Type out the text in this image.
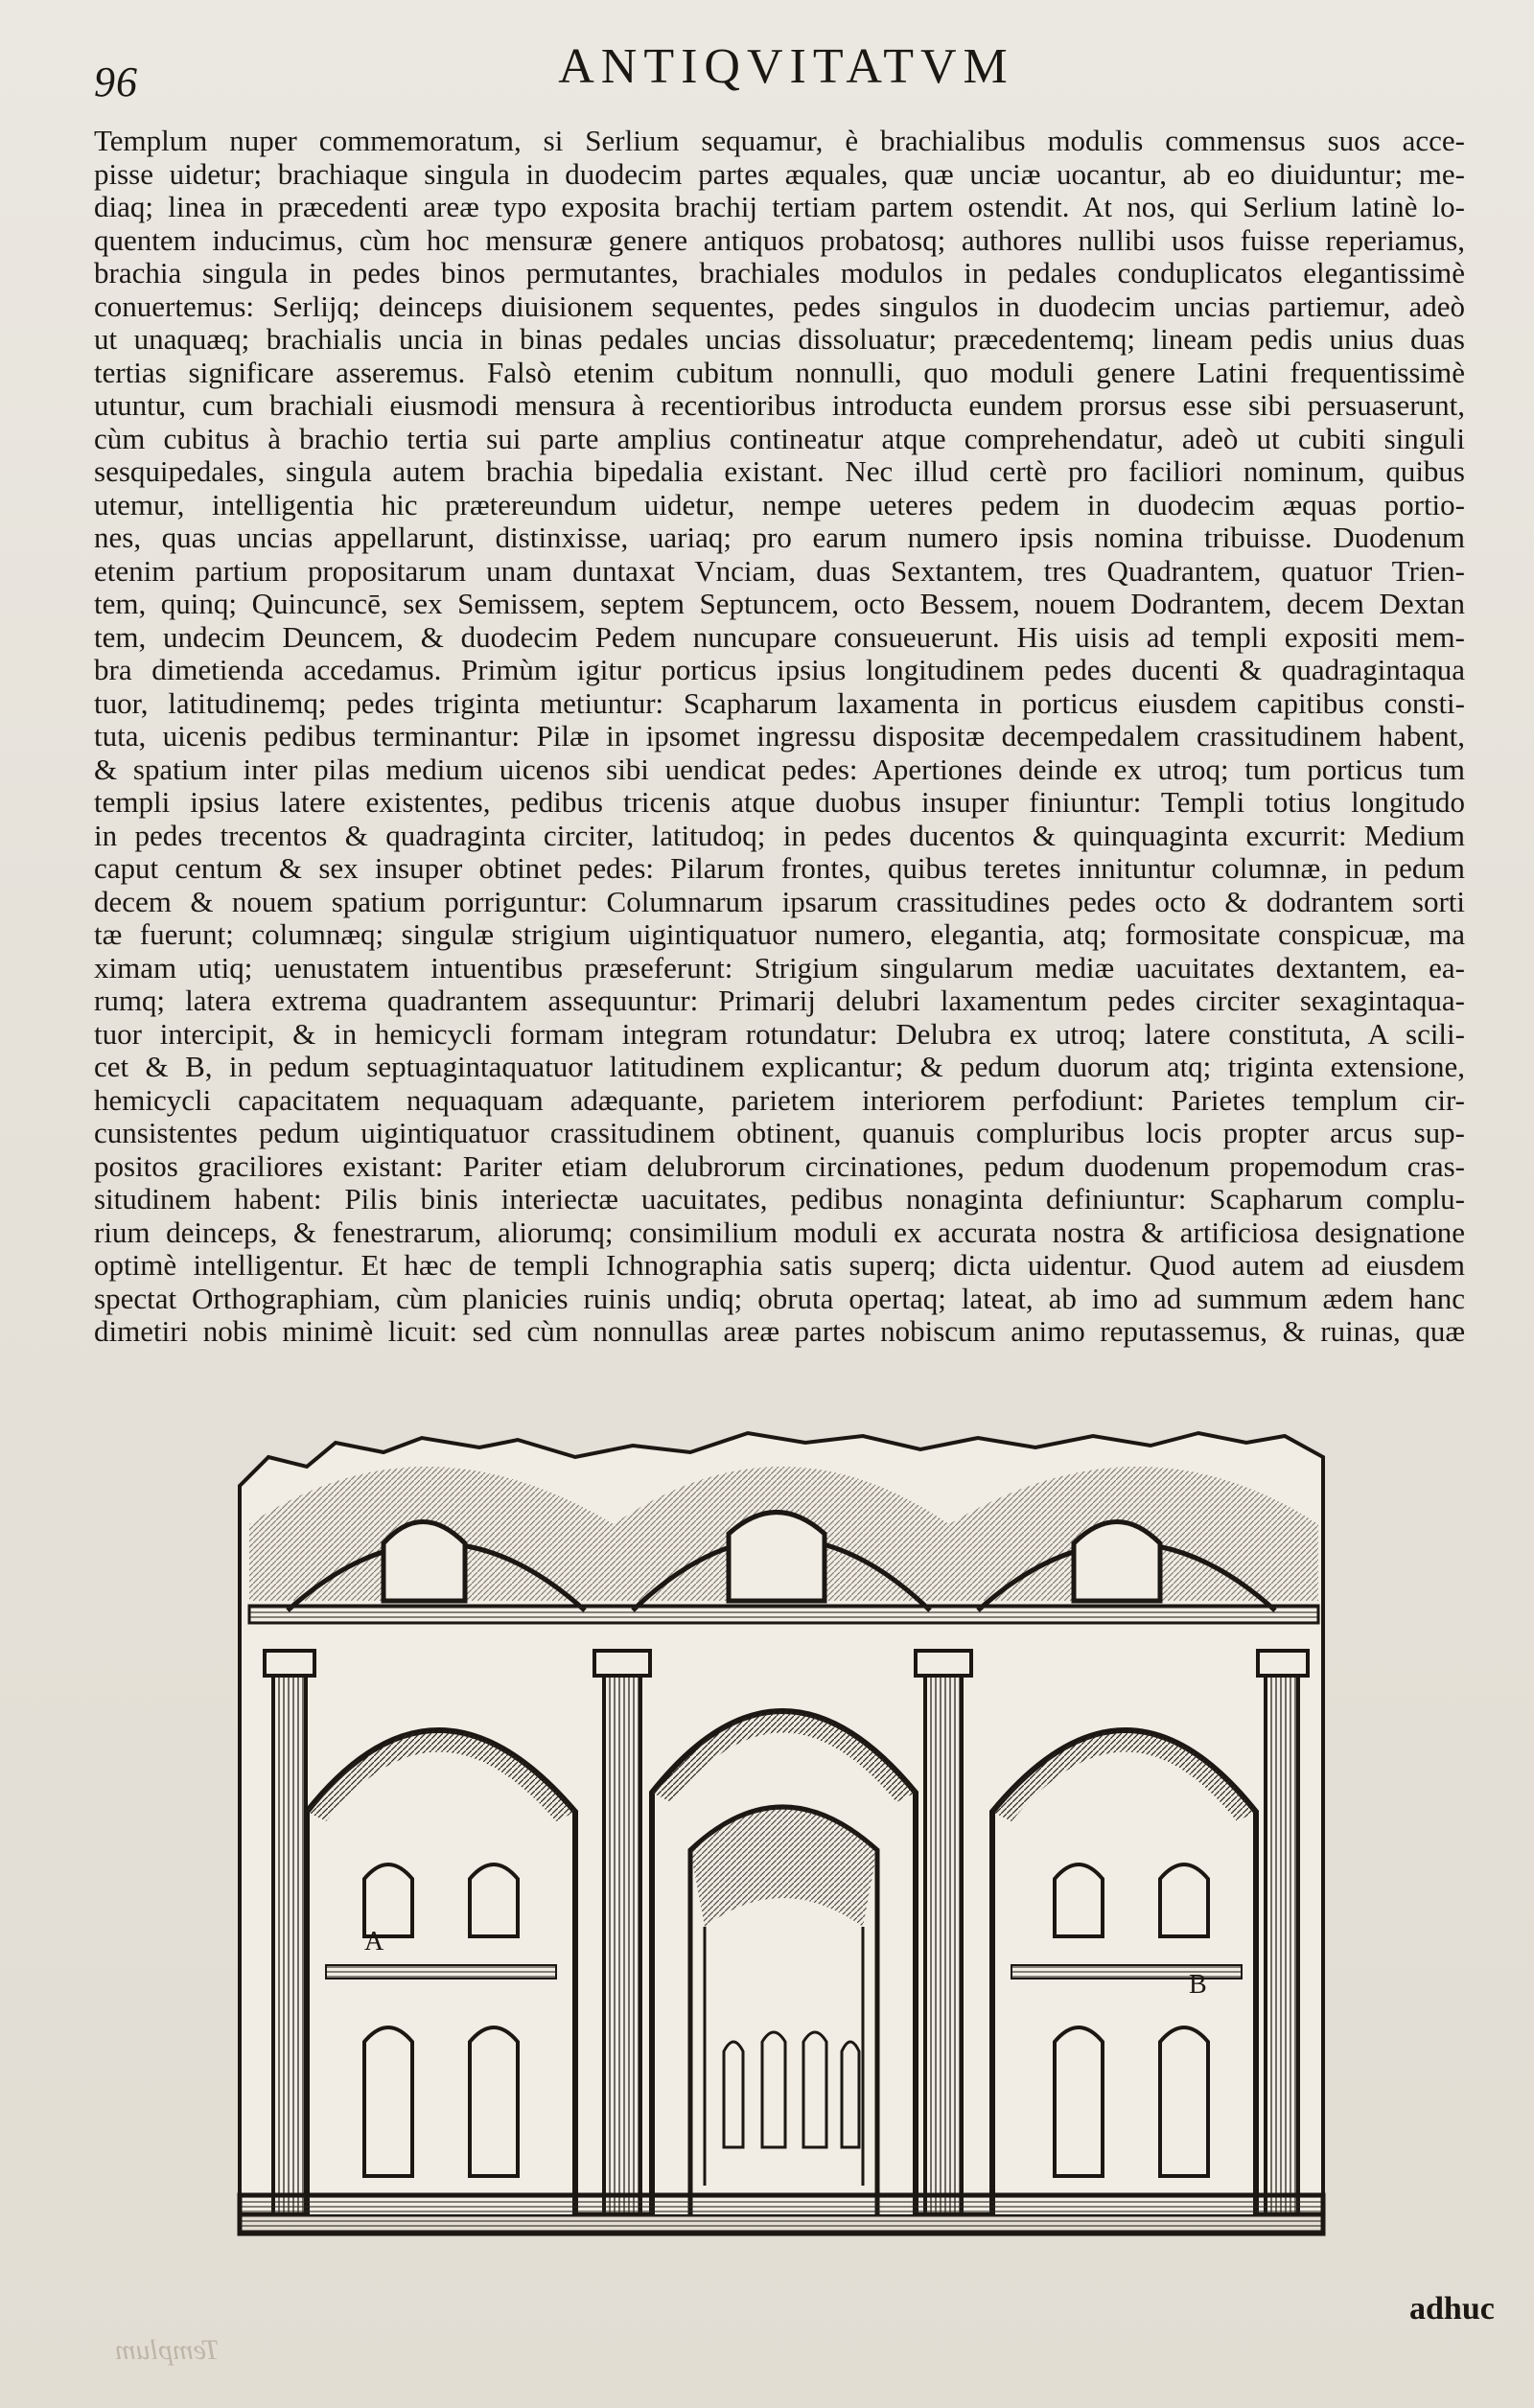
96	ANTIQVITATVM
Templum nuper commemoratum, si Serlium sequamur, è brachialibus modulis commensus suos acce-
pisse uidetur; brachiaque singula in duodecim partes æquales, quæ unciæ uocantur, ab eo diuiduntur; me-
diaq; linea in præcedenti areæ typo exposita brachij tertiam partem ostendit. At nos, qui Serlium latinè lo-
quentem inducimus, cùm hoc mensuræ genere antiquos probatosq; authores nullibi usos fuisse reperiamus,
brachia singula in pedes binos permutantes, brachiales modulos in pedales conduplicatos elegantissimè
conuertemus: Serlijq; deinceps diuisionem sequentes, pedes singulos in duodecim uncias partiemur, adeò
ut unaquæq; brachialis uncia in binas pedales uncias dissoluatur; præcedentemq; lineam pedis unius duas
tertias significare asseremus. Falsò etenim cubitum nonnulli, quo moduli genere Latini frequentissimè
utuntur, cum brachiali eiusmodi mensura à recentioribus introducta eundem prorsus esse sibi persuaserunt,
cùm cubitus à brachio tertia sui parte amplius contineatur atque comprehendatur, adeò ut cubiti singuli
sesquipedales, singula autem brachia bipedalia existant. Nec illud certè pro faciliori nominum, quibus
utemur, intelligentia hic prætereundum uidetur, nempe ueteres pedem in duodecim æquas portio-
nes, quas uncias appellarunt, distinxisse, uariaq; pro earum numero ipsis nomina tribuisse. Duodenum
etenim partium propositarum unam duntaxat Vnciam, duas Sextantem, tres Quadrantem, quatuor Trien-
tem, quinq; Quincuncē, sex Semissem, septem Septuncem, octo Bessem, nouem Dodrantem, decem Dextan
tem, undecim Deuncem, & duodecim Pedem nuncupare consueuerunt. His uisis ad templi expositi mem-
bra dimetienda accedamus. Primùm igitur porticus ipsius longitudinem pedes ducenti & quadragintaqua
tuor, latitudinemq; pedes triginta metiuntur: Scapharum laxamenta in porticus eiusdem capitibus consti-
tuta, uicenis pedibus terminantur: Pilæ in ipsomet ingressu dispositæ decempedalem crassitudinem habent,
& spatium inter pilas medium uicenos sibi uendicat pedes: Apertiones deinde ex utroq; tum porticus tum
templi ipsius latere existentes, pedibus tricenis atque duobus insuper finiuntur: Templi totius longitudo
in pedes trecentos & quadraginta circiter, latitudoq; in pedes ducentos & quinquaginta excurrit: Medium
caput centum & sex insuper obtinet pedes: Pilarum frontes, quibus teretes innituntur columnæ, in pedum
decem & nouem spatium porriguntur: Columnarum ipsarum crassitudines pedes octo & dodrantem sorti
tæ fuerunt; columnæq; singulæ strigium uigintiquatuor numero, elegantia, atq; formositate conspicuæ, ma
ximam utiq; uenustatem intuentibus præseferunt: Strigium singularum mediæ uacuitates dextantem, ea-
rumq; latera extrema quadrantem assequuntur: Primarij delubri laxamentum pedes circiter sexagintaqua-
tuor intercipit, & in hemicycli formam integram rotundatur: Delubra ex utroq; latere constituta, A scili-
cet & B, in pedum septuagintaquatuor latitudinem explicantur; & pedum duorum atq; triginta extensione,
hemicycli capacitatem nequaquam adæquante, parietem interiorem perfodiunt: Parietes templum cir-
cunsistentes pedum uigintiquatuor crassitudinem obtinent, quanuis compluribus locis propter arcus sup-
positos graciliores existant: Pariter etiam delubrorum circinationes, pedum duodenum propemodum cras-
situdinem habent: Pilis binis interiectæ uacuitates, pedibus nonaginta definiuntur: Scapharum complu-
rium deinceps, & fenestrarum, aliorumq; consimilium moduli ex accurata nostra & artificiosa designatione
optimè intelligentur. Et hæc de templi Ichnographia satis superq; dicta uidentur. Quod autem ad eiusdem
spectat Orthographiam, cùm planicies ruinis undiq; obruta opertaq; lateat, ab imo ad summum ædem hanc
dimetiri nobis minimè licuit: sed cùm nonnullas areæ partes nobiscum animo reputassemus, & ruinas, quæ
A
B
adhuc
Templum
